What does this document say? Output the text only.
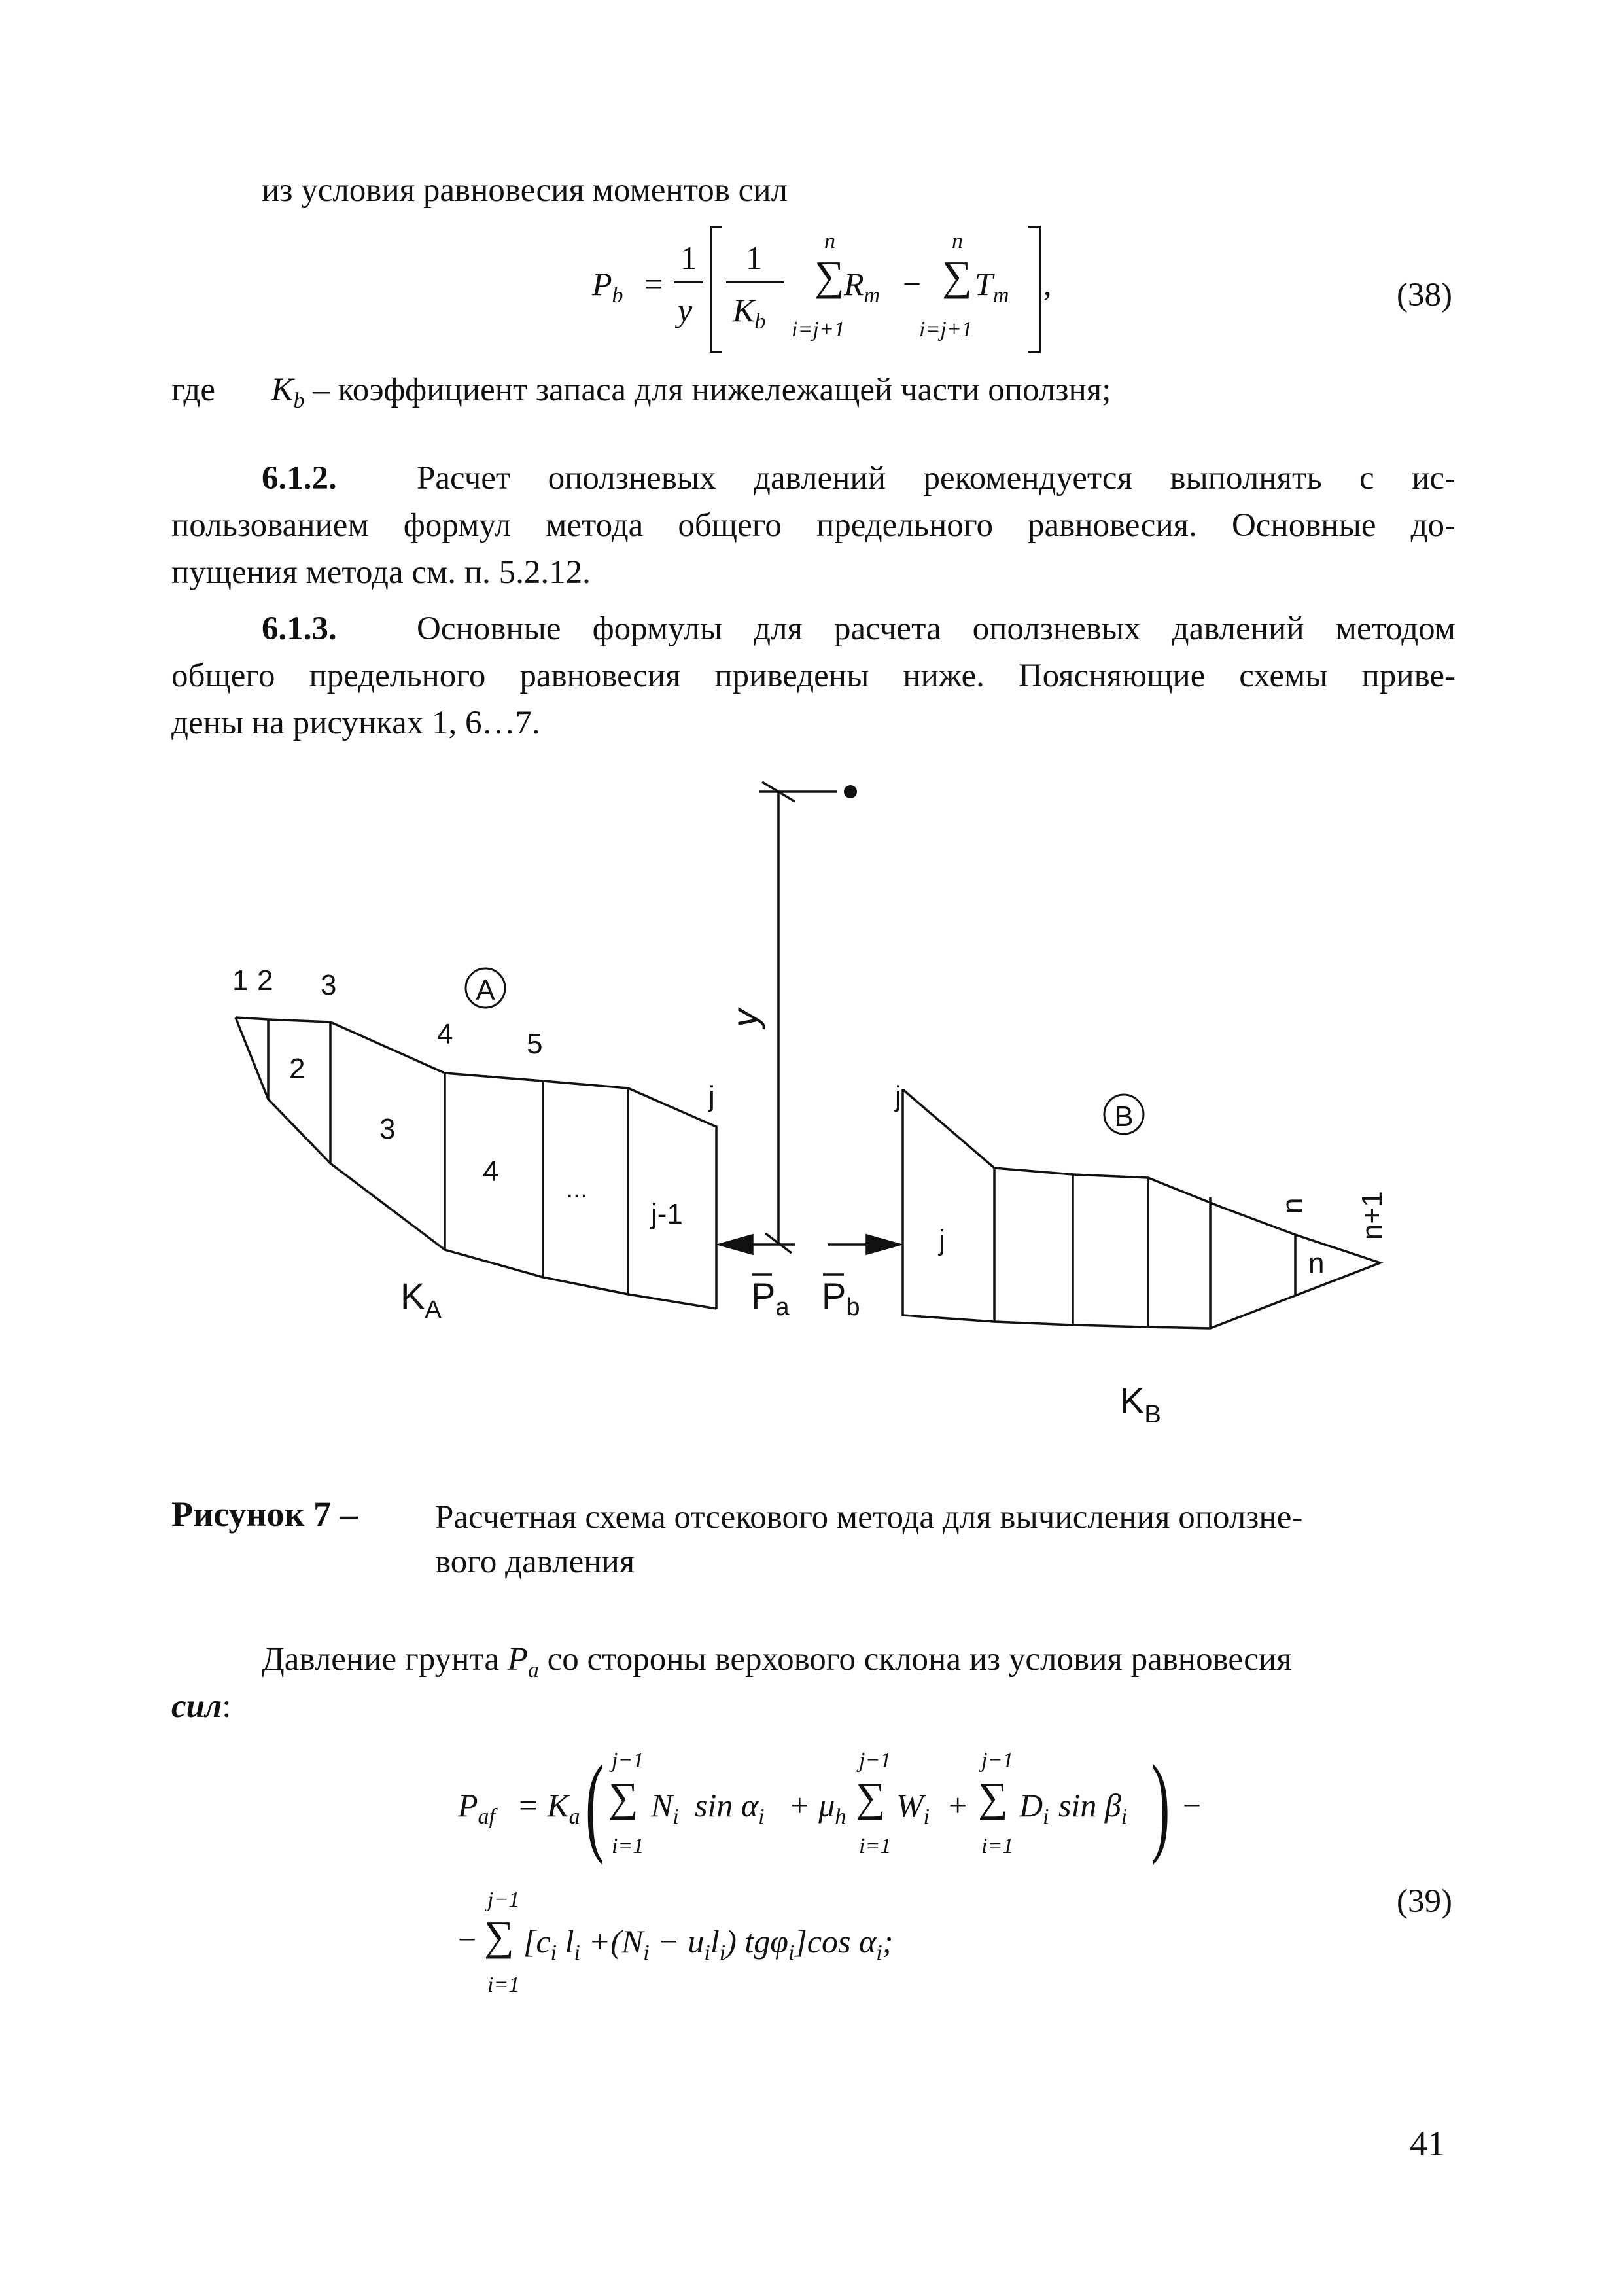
из условия равновесия моментов сил
$P_b$ =
1
y
1
$K_b$
n
∑
i=j+1
$R_m$ −
n
∑
i=j+1
$T_m$ ,	(38)
где $K_b$ – коэффициент запаса для нижележащей части оползня;
6.1.2. Расчет оползневых давлений рекомендуется выполнять с ис-
пользованием формул метода общего предельного равновесия. Основные до-
пущения метода см. п. 5.2.12.
6.1.3. Основные формулы для расчета оползневых давлений методом
общего предельного равновесия приведены ниже. Поясняющие схемы приве-
дены на рисунках 1, 6…7.
A
B
1 2 3
4	5
j
2
3
4
...
j-1
j
j
n
n n+1
y
$K_A$
$K_B$
Pa Pb
Рисунок 7 – Расчетная схема отсекового метода для вычисления оползне-
вого давления
Давление грунта $P_a$ со стороны верхового склона из условия равновесия
сил:
$P_{af} = K_a$ ( j−1
∑
i=1
$N_i$ $\sin \alpha_i + \mu_h$
j−1
∑
i=1
$W_i$ +
j−1
∑
i=1
$D_i$ $\sin \beta_i$ ) −
j−1
− ∑
i=1
[$c_i$ $l_i +(N_i - u_il_i)$ tgφ$_i$]cos $\alpha_i$;
(39)
41
